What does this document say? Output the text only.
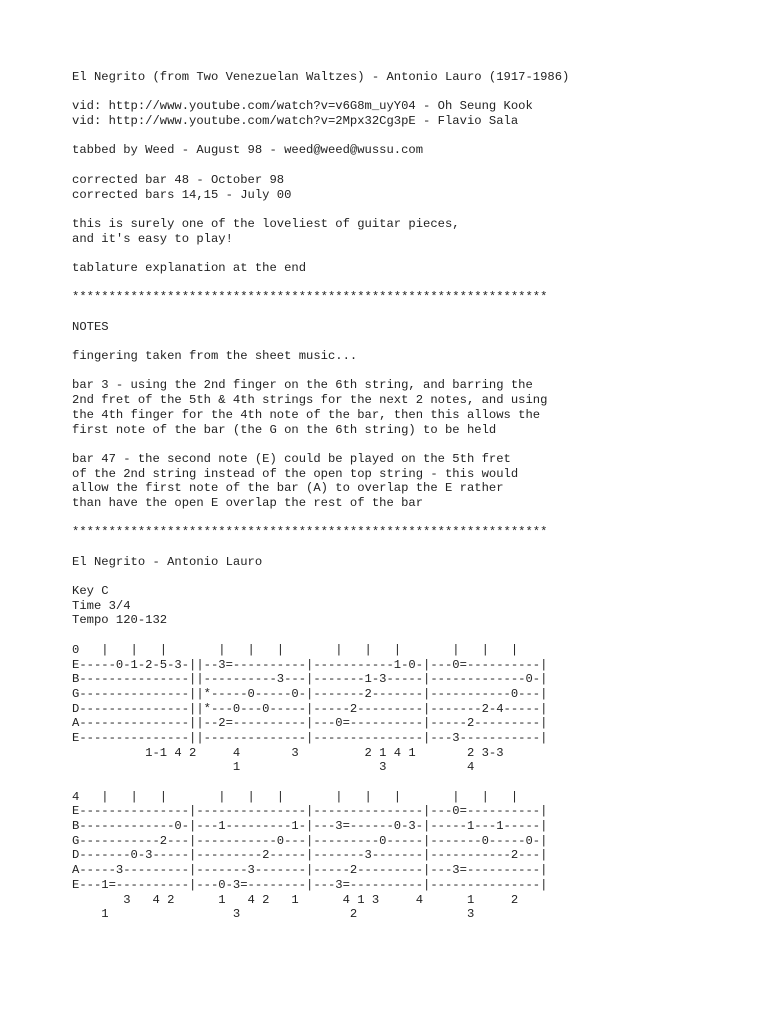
El Negrito (from Two Venezuelan Waltzes) - Antonio Lauro (1917-1986)
vid: http://www.youtube.com/watch?v=v6G8m_uyY04 - Oh Seung Kook
vid: http://www.youtube.com/watch?v=2Mpx32Cg3pE - Flavio Sala
tabbed by Weed - August 98 - weed@weed@wussu.com
corrected bar 48 - October 98
corrected bars 14,15 - July 00
this is surely one of the loveliest of guitar pieces,
and it's easy to play!
tablature explanation at the end
*****************************************************************
NOTES
fingering taken from the sheet music...
bar 3 - using the 2nd finger on the 6th string, and barring the
2nd fret of the 5th & 4th strings for the next 2 notes, and using
the 4th finger for the 4th note of the bar, then this allows the
first note of the bar (the G on the 6th string) to be held
bar 47 - the second note (E) could be played on the 5th fret
of the 2nd string instead of the open top string - this would
allow the first note of the bar (A) to overlap the E rather
than have the open E overlap the rest of the bar
*****************************************************************
El Negrito - Antonio Lauro
Key C
Time 3/4
Tempo 120-132
0   |   |   |       |   |   |       |   |   |       |   |   |
E-----0-1-2-5-3-||--3=----------|-----------1-0-|---0=----------|
B---------------||----------3---|-------1-3-----|-------------0-|
G---------------||*-----0-----0-|-------2-------|-----------0---|
D---------------||*---0---0-----|-----2---------|-------2-4-----|
A---------------||--2=----------|---0=----------|-----2---------|
E---------------||--------------|---------------|---3-----------|
1-1 4 2     4       3         2 1 4 1       2 3-3
1                   3           4
4   |   |   |       |   |   |       |   |   |       |   |   |
E---------------|---------------|---------------|---0=----------|
B-------------0-|---1---------1-|---3=------0-3-|-----1---1-----|
G-----------2---|-----------0---|---------0-----|-------0-----0-|
D-------0-3-----|---------2-----|-------3-------|-----------2---|
A-----3---------|-------3-------|-----2---------|---3=----------|
E---1=----------|---0-3=--------|---3=----------|---------------|
3   4 2      1   4 2   1      4 1 3     4      1     2
1                 3               2               3
